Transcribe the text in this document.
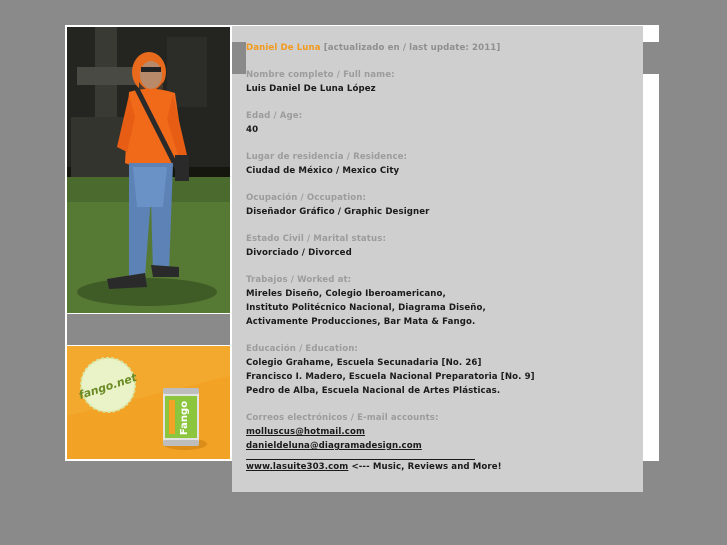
fango.net
Fango
Daniel De Luna [actualizado en / last update: 2011]
Nombre completo / Full name:
Luis Daniel De Luna López
Edad / Age:
40
Lugar de residencia / Residence:
Ciudad de México / Mexico City
Ocupación / Occupation:
Diseñador Gráfico / Graphic Designer
Estado Civil / Marital status:
Divorciado / Divorced
Trabajos / Worked at:
Mireles Diseño, Colegio Iberoamericano,
Instituto Politécnico Nacional, Diagrama Diseño,
Activamente Producciones, Bar Mata & Fango.
Educación / Education:
Colegio Grahame, Escuela Secunadaria [No. 26]
Francisco I. Madero, Escuela Nacional Preparatoria [No. 9]
Pedro de Alba, Escuela Nacional de Artes Plásticas.
Correos electrónicos / E-mail accounts:
molluscus@hotmail.com
danieldeluna@diagramadesign.com
www.lasuite303.com <--- Music, Reviews and More!
